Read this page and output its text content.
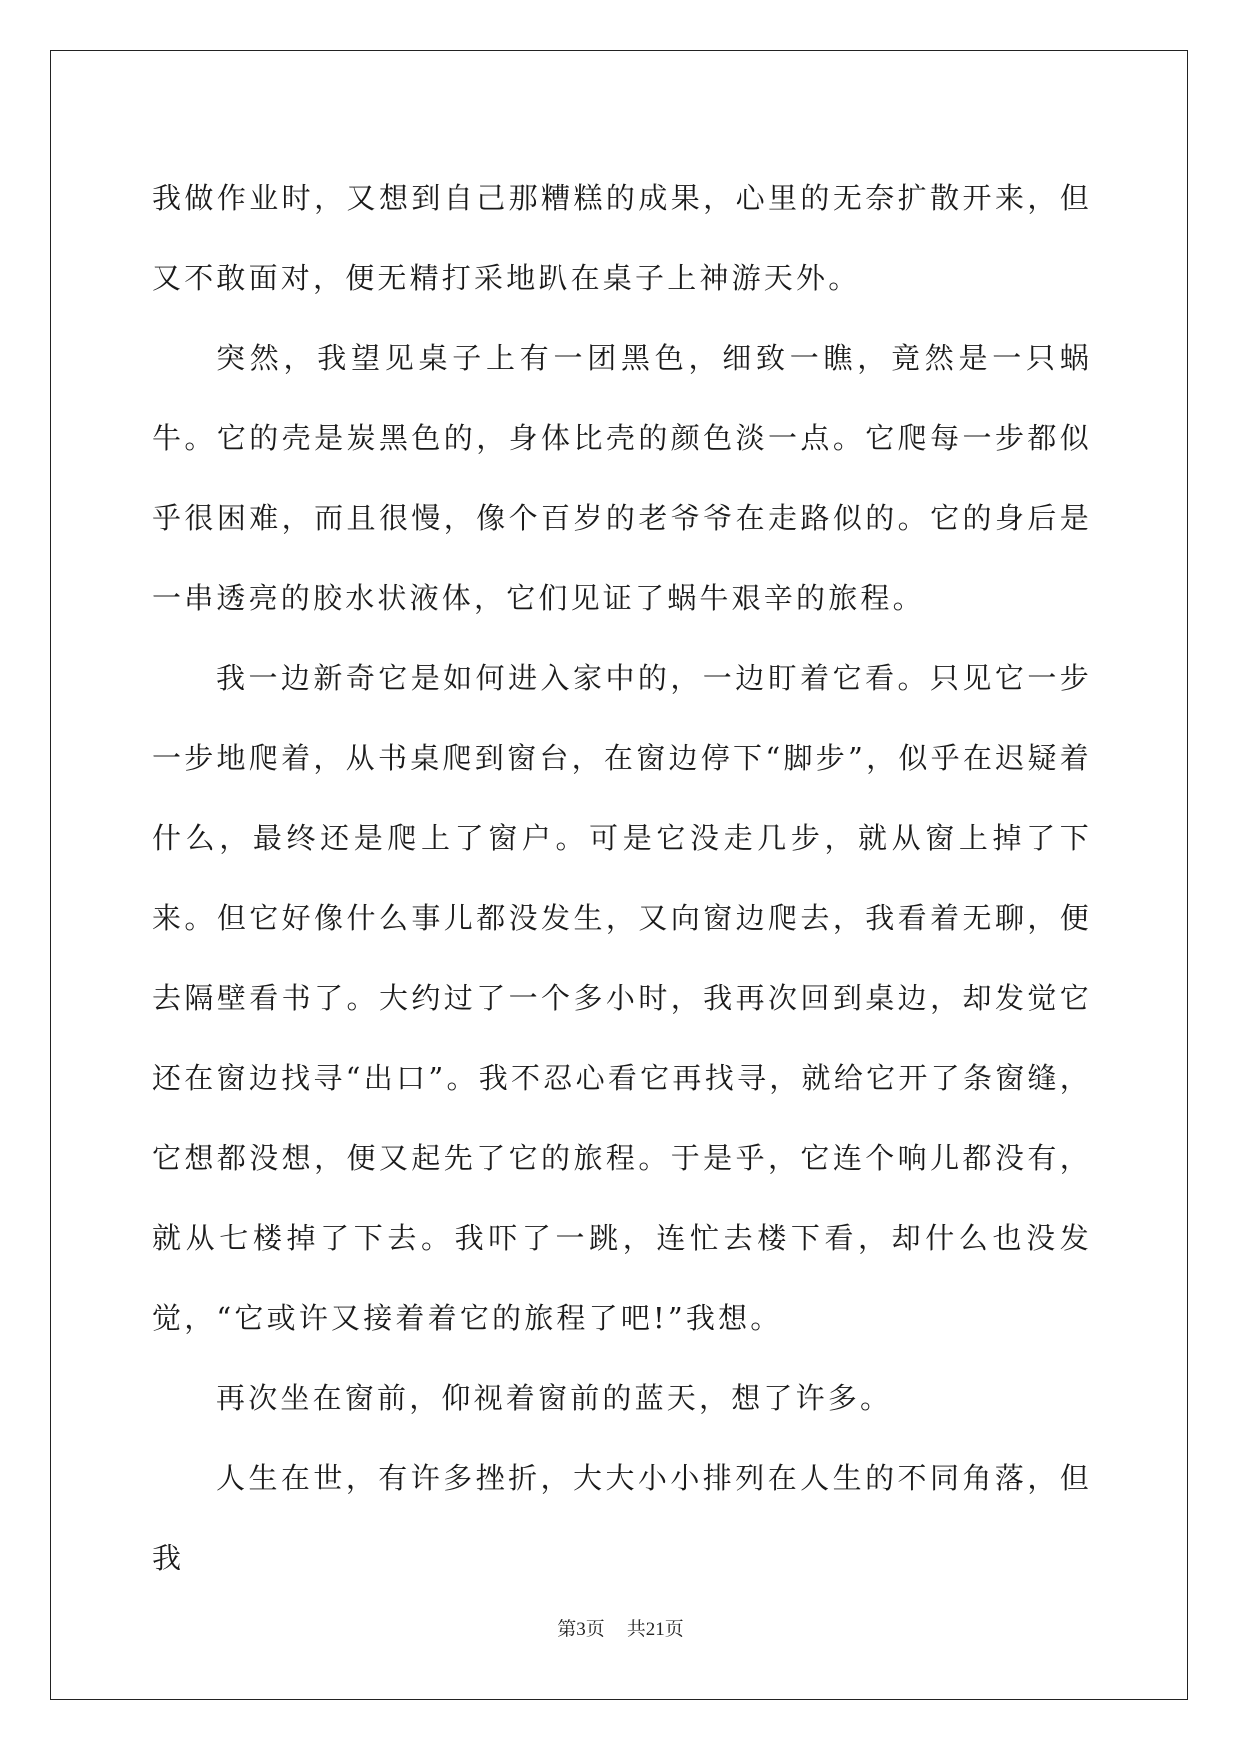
我做作业时，又想到自己那糟糕的成果，心里的无奈扩散开来，但又不敢面对，便无精打采地趴在桌子上神游天外。

突然，我望见桌子上有一团黑色，细致一瞧，竟然是一只蜗牛。它的壳是炭黑色的，身体比壳的颜色淡一点。它爬每一步都似乎很困难，而且很慢，像个百岁的老爷爷在走路似的。它的身后是一串透亮的胶水状液体，它们见证了蜗牛艰辛的旅程。

我一边新奇它是如何进入家中的，一边盯着它看。只见它一步一步地爬着，从书桌爬到窗台，在窗边停下“脚步”，似乎在迟疑着什么，最终还是爬上了窗户。可是它没走几步，就从窗上掉了下来。但它好像什么事儿都没发生，又向窗边爬去，我看着无聊，便去隔壁看书了。大约过了一个多小时，我再次回到桌边，却发觉它还在窗边找寻“出口”。我不忍心看它再找寻，就给它开了条窗缝，它想都没想，便又起先了它的旅程。于是乎，它连个响儿都没有，就从七楼掉了下去。我吓了一跳，连忙去楼下看，却什么也没发觉，“它或许又接着着它的旅程了吧!”我想。

再次坐在窗前，仰视着窗前的蓝天，想了许多。

人生在世，有许多挫折，大大小小排列在人生的不同角落，但我

第3页 共21页
